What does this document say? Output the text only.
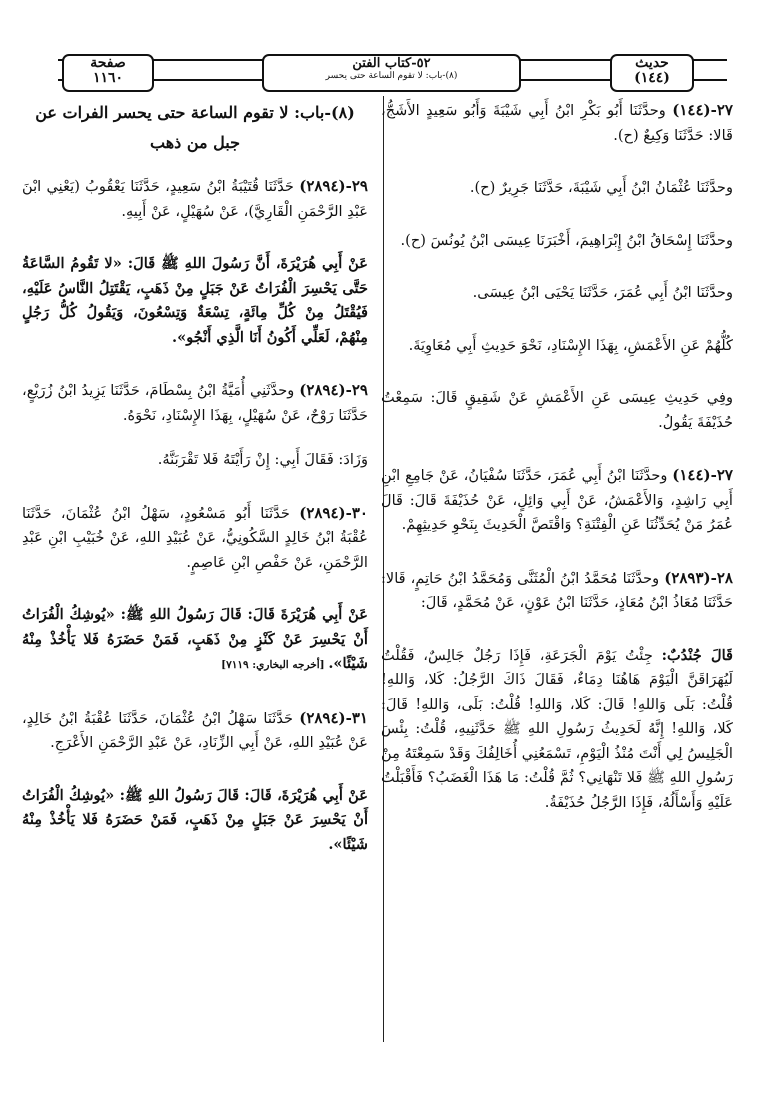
صفحة
١١٦٠
٥٢-كتاب الفتن
(٨)-باب: لا تقوم الساعة حتى يحسر
حديث
(١٤٤)

٢٧-(١٤٤) وحدَّثَنَا أَبُو بَكْرِ ابْنُ أَبِي شَيْبَةَ وَأَبُو سَعِيدٍ الأَشَجُّ، قَالا: حَدَّثَنَا وَكِيعٌ (ح).

وحدَّثَنَا عُثْمَانُ ابْنُ أَبِي شَيْبَةَ، حَدَّثَنَا جَرِيرٌ (ح).

وحدَّثَنَا إِسْحَاقُ ابْنُ إِبْرَاهِيمَ، أَخْبَرَنَا عِيسَى ابْنُ يُونُسَ (ح).

وحدَّثَنَا ابْنُ أَبِي عُمَرَ، حَدَّثَنَا يَحْيَى ابْنُ عِيسَى.

كُلُّهُمْ عَنِ الأَعْمَشِ، بِهَذَا الإِسْنَادِ، نَحْوَ حَدِيثِ أَبِي مُعَاوِيَةَ.

وفِي حَدِيثِ عِيسَى عَنِ الأَعْمَشِ عَنْ شَقِيقٍ قَالَ: سَمِعْتُ حُذَيْفَةَ يَقُولُ.

٢٧-(١٤٤) وحدَّثَنَا ابْنُ أَبِي عُمَرَ، حَدَّثَنَا سُفْيَانُ، عَنْ جَامِعِ ابْنِ أَبِي رَاشِدٍ، وَالأَعْمَشُ، عَنْ أَبِي وَائِلٍ، عَنْ حُذَيْفَةَ قَالَ: قَالَ عُمَرُ مَنْ يُحَدِّثُنَا عَنِ الْفِتْنَةِ؟ وَاقْتَصَّ الْحَدِيثَ بِنَحْوِ حَدِيثِهِمْ.

٢٨-(٢٨٩٣) وحدَّثَنَا مُحَمَّدُ ابْنُ الْمُثَنَّى وَمُحَمَّدُ ابْنُ حَاتِمٍ، قَالا: حَدَّثَنَا مُعَاذُ ابْنُ مُعَاذٍ، حَدَّثَنَا ابْنُ عَوْنٍ، عَنْ مُحَمَّدٍ، قَالَ:

قَالَ جُنْدُبٌ: جِئْتُ يَوْمَ الْجَرَعَةِ، فَإِذَا رَجُلٌ جَالِسٌ، فَقُلْتُ لَيُهَرَاقَنَّ الْيَوْمَ هَاهُنَا دِمَاءٌ، فَقَالَ ذَاكَ الرَّجُلُ: كَلا، وَاللهِ! قُلْتُ: بَلَى وَاللهِ! قَالَ: كَلا، وَاللهِ! قُلْتُ: بَلَى، وَاللهِ! قَالَ: كَلا، وَاللهِ! إِنَّهُ لَحَدِيثُ رَسُولِ اللهِ ﷺ حَدَّثَنِيهِ، قُلْتُ: بِئْسَ الْجَلِيسُ لِي أَنْتَ مُنْذُ الْيَوْمِ، تَسْمَعُنِي أُخَالِفُكَ وَقَدْ سَمِعْتَهُ مِنْ رَسُولِ اللهِ ﷺ فَلا تَنْهَانِي؟ ثُمَّ قُلْتُ: مَا هَذَا الْغَضَبُ؟ فَأَقْبَلْتُ عَلَيْهِ وَأَسْأَلُهُ، فَإِذَا الرَّجُلُ حُذَيْفَةُ.

(٨)-باب: لا تقوم الساعة حتى يحسر الفرات عن جبل من ذهب

٢٩-(٢٨٩٤) حَدَّثَنَا قُتَيْبَةُ ابْنُ سَعِيدٍ، حَدَّثَنَا يَعْقُوبُ (يَعْنِي ابْنَ عَبْدِ الرَّحْمَنِ الْقَارِيَّ)، عَنْ سُهَيْلٍ، عَنْ أَبِيهِ.

عَنْ أَبِي هُرَيْرَةَ، أَنَّ رَسُولَ اللهِ ﷺ قَالَ: «لا تَقُومُ السَّاعَةُ حَتَّى يَحْسِرَ الْفُرَاتُ عَنْ جَبَلٍ مِنْ ذَهَبٍ، يَقْتَتِلُ النَّاسُ عَلَيْهِ، فَيُقْتَلُ مِنْ كُلِّ مِائَةٍ، تِسْعَةٌ وَتِسْعُونَ، وَيَقُولُ كُلُّ رَجُلٍ مِنْهُمْ، لَعَلِّي أَكُونُ أَنَا الَّذِي أَنْجُو».

٢٩-(٢٨٩٤) وحدَّثَنِي أُمَيَّةُ ابْنُ بِسْطَامَ، حَدَّثَنَا يَزِيدُ ابْنُ زُرَيْعٍ، حَدَّثَنَا رَوْحٌ، عَنْ سُهَيْلٍ، بِهَذَا الإِسْنَادِ، نَحْوَهُ.

وَزَادَ: فَقَالَ أَبِي: إِنْ رَأَيْتَهُ فَلا تَقْرَبَنَّهُ.

٣٠-(٢٨٩٤) حَدَّثَنَا أَبُو مَسْعُودٍ، سَهْلُ ابْنُ عُثْمَانَ، حَدَّثَنَا عُقْبَةُ ابْنُ خَالِدٍ السَّكُونِيُّ، عَنْ عُبَيْدِ اللهِ، عَنْ خُبَيْبِ ابْنِ عَبْدِ الرَّحْمَنِ، عَنْ حَفْصِ ابْنِ عَاصِمٍ.

عَنْ أَبِي هُرَيْرَةَ قَالَ: قَالَ رَسُولُ اللهِ ﷺ: «يُوشِكُ الْفُرَاتُ أَنْ يَحْسِرَ عَنْ كَنْزٍ مِنْ ذَهَبٍ، فَمَنْ حَضَرَهُ فَلا يَأْخُذْ مِنْهُ شَيْئًا». [أخرجه البخاري: ٧١١٩]

٣١-(٢٨٩٤) حَدَّثَنَا سَهْلُ ابْنُ عُثْمَانَ، حَدَّثَنَا عُقْبَةُ ابْنُ خَالِدٍ، عَنْ عُبَيْدِ اللهِ، عَنْ أَبِي الزِّنَادِ، عَنْ عَبْدِ الرَّحْمَنِ الأَعْرَجِ.

عَنْ أَبِي هُرَيْرَةَ، قَالَ: قَالَ رَسُولُ اللهِ ﷺ: «يُوشِكُ الْفُرَاتُ أَنْ يَحْسِرَ عَنْ جَبَلٍ مِنْ ذَهَبٍ، فَمَنْ حَضَرَهُ فَلا يَأْخُذْ مِنْهُ شَيْئًا».
